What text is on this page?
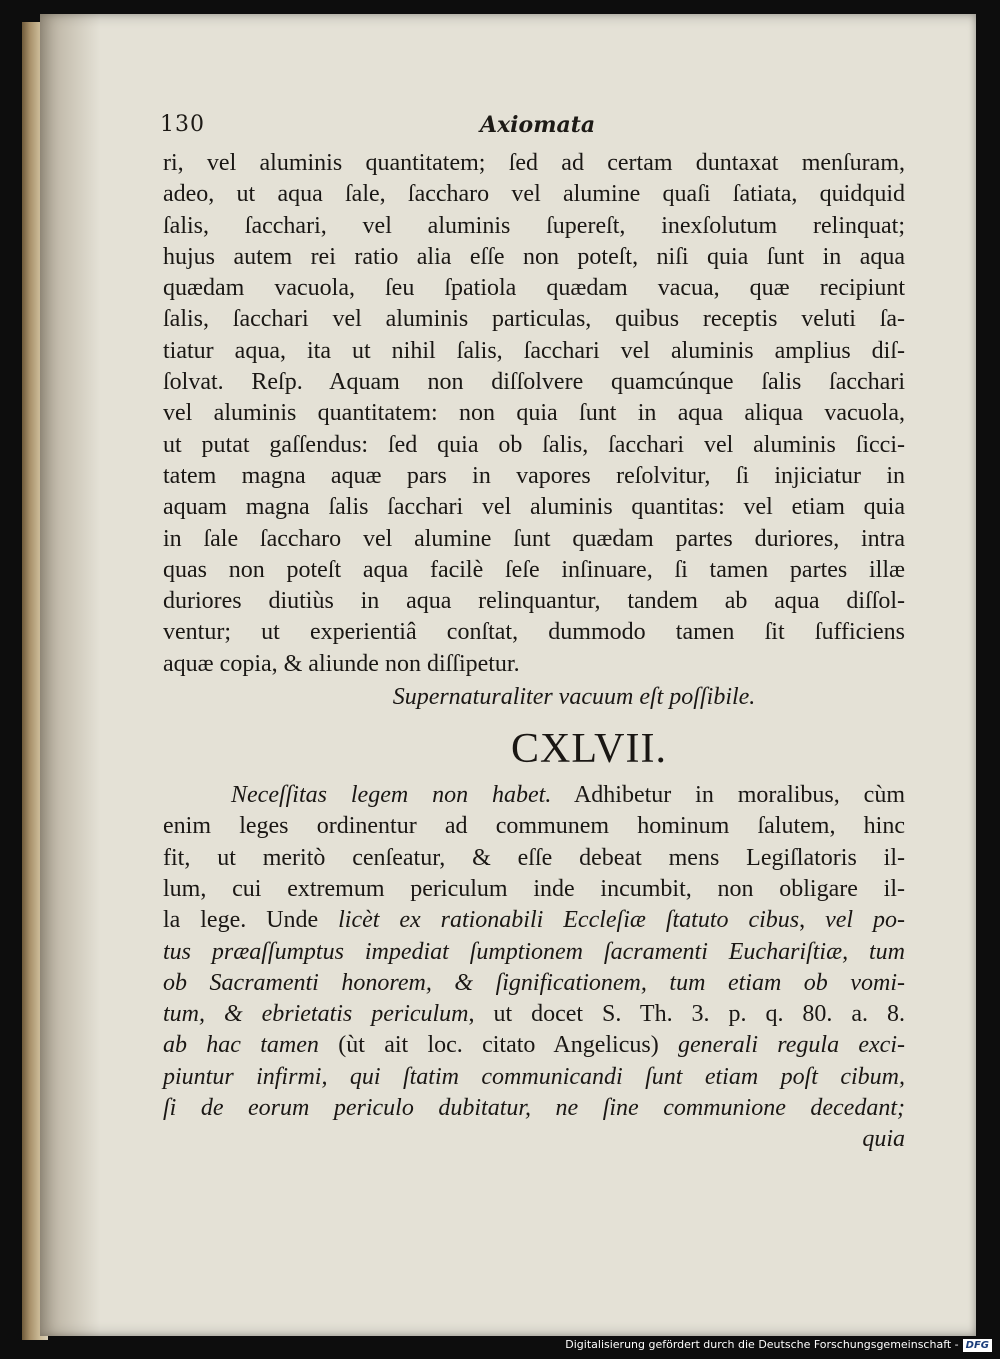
130	Axiomata
ri, vel aluminis quantitatem; ſed ad certam duntaxat menſuram,
adeo, ut aqua ſale, ſaccharo vel alumine quaſi ſatiata, quidquid
ſalis, ſacchari, vel aluminis ſupereſt, inexſolutum relinquat;
hujus autem rei ratio alia eſſe non poteſt, niſi quia ſunt in aqua
quædam vacuola, ſeu ſpatiola quædam vacua, quæ recipiunt
ſalis, ſacchari vel aluminis particulas, quibus receptis veluti ſa-
tiatur aqua, ita ut nihil ſalis, ſacchari vel aluminis amplius diſ-
ſolvat. Reſp. Aquam non diſſolvere quamcúnque ſalis ſacchari
vel aluminis quantitatem: non quia ſunt in aqua aliqua vacuola,
ut putat gaſſendus: ſed quia ob ſalis, ſacchari vel aluminis ſicci-
tatem magna aquæ pars in vapores reſolvitur, ſi injiciatur in
aquam magna ſalis ſacchari vel aluminis quantitas: vel etiam quia
in ſale ſaccharo vel alumine ſunt quædam partes duriores, intra
quas non poteſt aqua facilè ſeſe inſinuare, ſi tamen partes illæ
duriores diutiùs in aqua relinquantur, tandem ab aqua diſſol-
ventur; ut experientiâ conſtat, dummodo tamen ſit ſufficiens
aquæ copia, & aliunde non diſſipetur.
Supernaturaliter vacuum eſt poſſibile.
CXLVII.
Neceſſitas legem non habet. Adhibetur in moralibus, cùm
enim leges ordinentur ad communem hominum ſalutem, hinc
fit, ut meritò cenſeatur, & eſſe debeat mens Legiſlatoris il-
lum, cui extremum periculum inde incumbit, non obligare il-
la lege. Unde licèt ex rationabili Eccleſiæ ſtatuto cibus, vel po-
tus præaſſumptus impediat ſumptionem ſacramenti Euchariſtiæ, tum
ob Sacramenti honorem, & ſignificationem, tum etiam ob vomi-
tum, & ebrietatis periculum, ut docet S. Th. 3. p. q. 80. a. 8.
ab hac tamen (ùt ait loc. citato Angelicus) generali regula exci-
piuntur infirmi, qui ſtatim communicandi ſunt etiam poſt cibum,
ſi de eorum periculo dubitatur, ne ſine communione decedant;
quia
Digitalisierung gefördert durch die Deutsche Forschungsgemeinschaft - DFG
